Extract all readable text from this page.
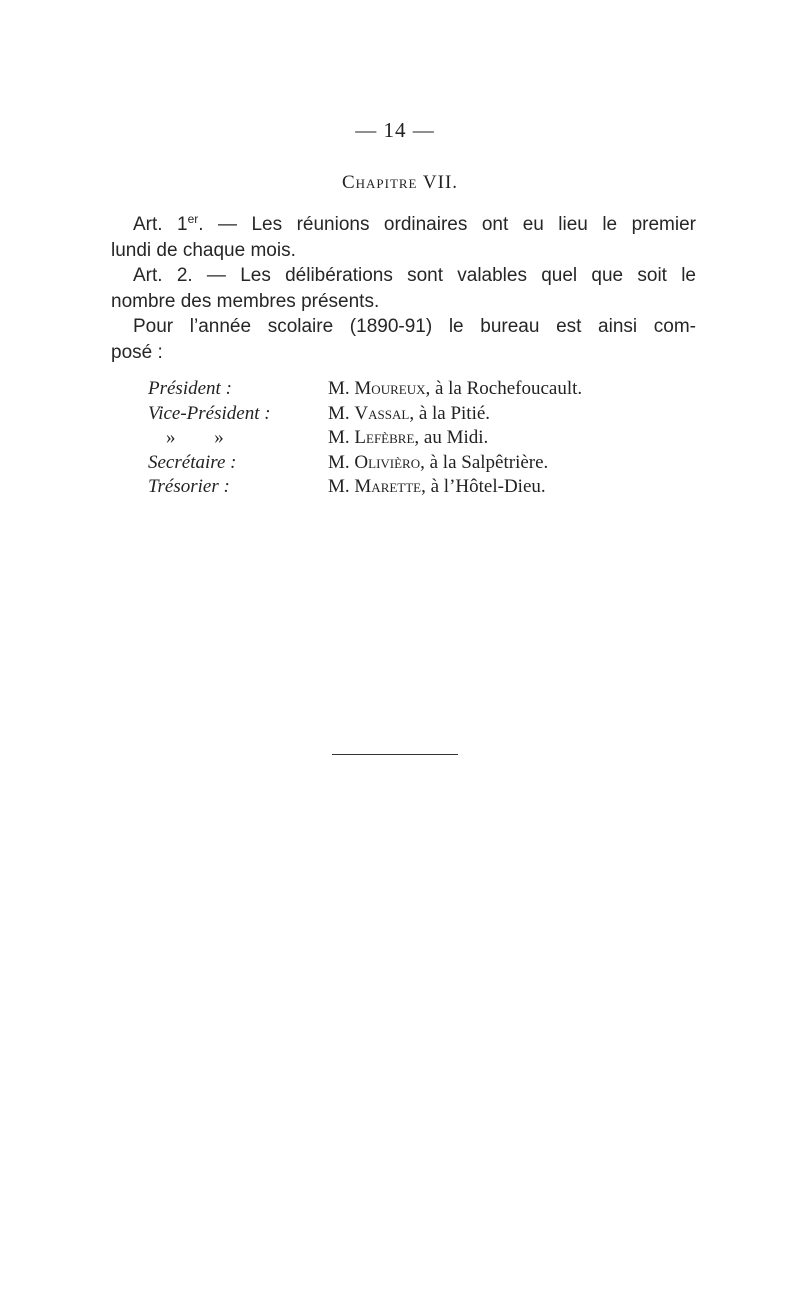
— 14 —
Chapitre VII.

Art. 1er. — Les réunions ordinaires ont eu lieu le premier
lundi de chaque mois.

Art. 2. — Les délibérations sont valables quel que soit le
nombre des membres présents.

Pour l’année scolaire (1890-91) le bureau est ainsi com-
posé :

Président :	M. Moureux, à la Rochefoucault.
Vice-Président :	M. Vassal, à la Pitié.
» »	M. Lefèbre, au Midi.
Secrétaire :	M. Olivièro, à la Salpêtrière.
Trésorier :	M. Marette, à l’Hôtel-Dieu.
